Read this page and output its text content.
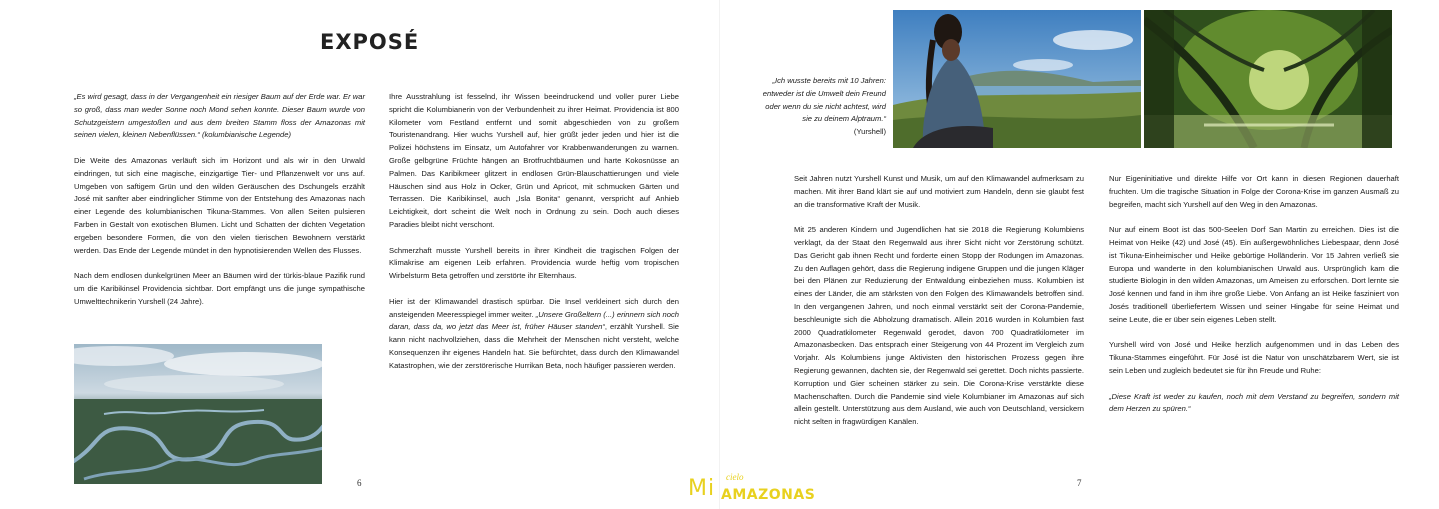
EXPOSÉ

„Es wird gesagt, dass in der Vergangenheit ein riesiger Baum auf der Erde war. Er war so groß, dass man weder Sonne noch Mond sehen konnte. Dieser Baum wurde von Schutzgeistern umgestoßen und aus dem breiten Stamm floss der Amazonas mit seinen vielen, kleinen Nebenflüssen.“ (kolumbianische Legende)

Die Weite des Amazonas verläuft sich im Horizont und als wir in den Urwald eindringen, tut sich eine magische, einzigartige Tier- und Pflanzenwelt vor uns auf. Umgeben von saftigem Grün und den wilden Geräuschen des Dschungels erzählt José mit sanfter aber eindringlicher Stimme von der Entstehung des Amazonas nach einer Legende des kolumbianischen Tikuna-Stammes. Von allen Seiten pulsieren Farben in Gestalt von exotischen Blumen. Licht und Schatten der dichten Vegetation ergeben besondere Formen, die von den vielen tierischen Bewohnern verstärkt werden. Das Ende der Legende mündet in den hypnotisierenden Wellen des Flusses.

Nach dem endlosen dunkelgrünen Meer an Bäumen wird der türkis-blaue Pazifik rund um die Karibikinsel Providencia sichtbar. Dort empfängt uns die junge sympathische Umwelttechnikerin Yurshell (24 Jahre).

Ihre Ausstrahlung ist fesselnd, ihr Wissen beeindruckend und voller purer Liebe spricht die Kolumbianerin von der Verbundenheit zu ihrer Heimat. Providencia ist 800 Kilometer vom Festland entfernt und somit abgeschieden von zu großem Touristenandrang. Hier wuchs Yurshell auf, hier grüßt jeder jeden und hier ist die Polizei höchstens im Einsatz, um Autofahrer vor Krabbenwanderungen zu warnen. Große gelbgrüne Früchte hängen an Brotfruchtbäumen und harte Kokosnüsse an Palmen. Das Karibikmeer glitzert in endlosen Grün-Blauschattierungen und viele Häuschen sind aus Holz in Ocker, Grün und Apricot, mit schmucken Gärten und Terrassen. Die Karibikinsel, auch „Isla Bonita“ genannt, verspricht auf Anhieb Leichtigkeit, dort scheint die Welt noch in Ordnung zu sein. Doch auch dieses Paradies bleibt nicht verschont.

Schmerzhaft musste Yurshell bereits in ihrer Kindheit die tragischen Folgen der Klimakrise am eigenen Leib erfahren. Providencia wurde heftig vom tropischen Wirbelsturm Beta getroffen und zerstörte ihr Elternhaus.

Hier ist der Klimawandel drastisch spürbar. Die Insel verkleinert sich durch den ansteigenden Meeresspiegel immer weiter. „Unsere Großeltern (...) erinnern sich noch daran, dass da, wo jetzt das Meer ist, früher Häuser standen“, erzählt Yurshell. Sie kann nicht nachvollziehen, dass die Mehrheit der Menschen nicht versteht, welche Konsequenzen ihr eigenes Handeln hat. Sie befürchtet, dass durch den Klimawandel Katastrophen, wie der zerstörerische Hurrikan Beta, noch häufiger passieren werden.

6
„Ich wusste bereits mit 10 Jahren: entweder ist die Umwelt dein Freund oder wenn du sie nicht achtest, wird sie zu deinem Alptraum.“
(Yurshell)

Seit Jahren nutzt Yurshell Kunst und Musik, um auf den Klimawandel aufmerksam zu machen. Mit ihrer Band klärt sie auf und motiviert zum Handeln, denn sie glaubt fest an die transformative Kraft der Musik.

Mit 25 anderen Kindern und Jugendlichen hat sie 2018 die Regierung Kolumbiens verklagt, da der Staat den Regenwald aus ihrer Sicht nicht vor Zerstörung schützt. Das Gericht gab ihnen Recht und forderte einen Stopp der Rodungen im Amazonas. Zu den Auflagen gehört, dass die Regierung indigene Gruppen und die jungen Kläger bei den Plänen zur Reduzierung der Entwaldung einbeziehen muss. Kolumbien ist eines der Länder, die am stärksten von den Folgen des Klimawandels betroffen sind. In den vergangenen Jahren, und noch einmal verstärkt seit der Corona-Pandemie, beschleunigte sich die Abholzung dramatisch. Allein 2016 wurden in Kolumbien fast 2000 Quadratkilometer Regenwald gerodet, davon 700 Quadratkilometer im Amazonasbecken. Das entsprach einer Steigerung von 44 Prozent im Vergleich zum Vorjahr. Als Kolumbiens junge Aktivisten den historischen Prozess gegen ihre Regierung gewannen, dachten sie, der Regenwald sei gerettet. Doch nichts passierte. Korruption und Gier scheinen stärker zu sein. Die Corona-Krise verstärkte diese Machenschaften. Durch die Pandemie sind viele Kolumbianer im Amazonas auf sich allein gestellt. Unterstützung aus dem Ausland, wie auch von Deutschland, versickern nicht selten in fragwürdigen Kanälen.

Nur Eigeninitiative und direkte Hilfe vor Ort kann in diesen Regionen dauerhaft fruchten. Um die tragische Situation in Folge der Corona-Krise im ganzen Ausmaß zu begreifen, macht sich Yurshell auf den Weg in den Amazonas.

Nur auf einem Boot ist das 500-Seelen Dorf San Martin zu erreichen. Dies ist die Heimat von Heike (42) und José (45). Ein außergewöhnliches Liebespaar, denn José ist Tikuna-Einheimischer und Heike gebürtige Holländerin. Vor 15 Jahren verließ sie Europa und wanderte in den kolumbianischen Urwald aus. Ursprünglich kam die studierte Biologin in den wilden Amazonas, um Ameisen zu erforschen. Dort lernte sie José kennen und fand in ihm ihre große Liebe. Von Anfang an ist Heike fasziniert von Josés traditionell überliefertem Wissen und seiner Hingabe für seine Heimat und seine Leute, die er über sein eigenes Leben stellt.

Yurshell wird von José und Heike herzlich aufgenommen und in das Leben des Tikuna-Stammes eingeführt. Für José ist die Natur von unschätzbarem Wert, sie ist sein Leben und zugleich bedeutet sie für ihn Freude und Ruhe:

„Diese Kraft ist weder zu kaufen, noch mit dem Verstand zu begreifen, sondern mit dem Herzen zu spüren.“

7
Mi cielo
AMAZONAS
